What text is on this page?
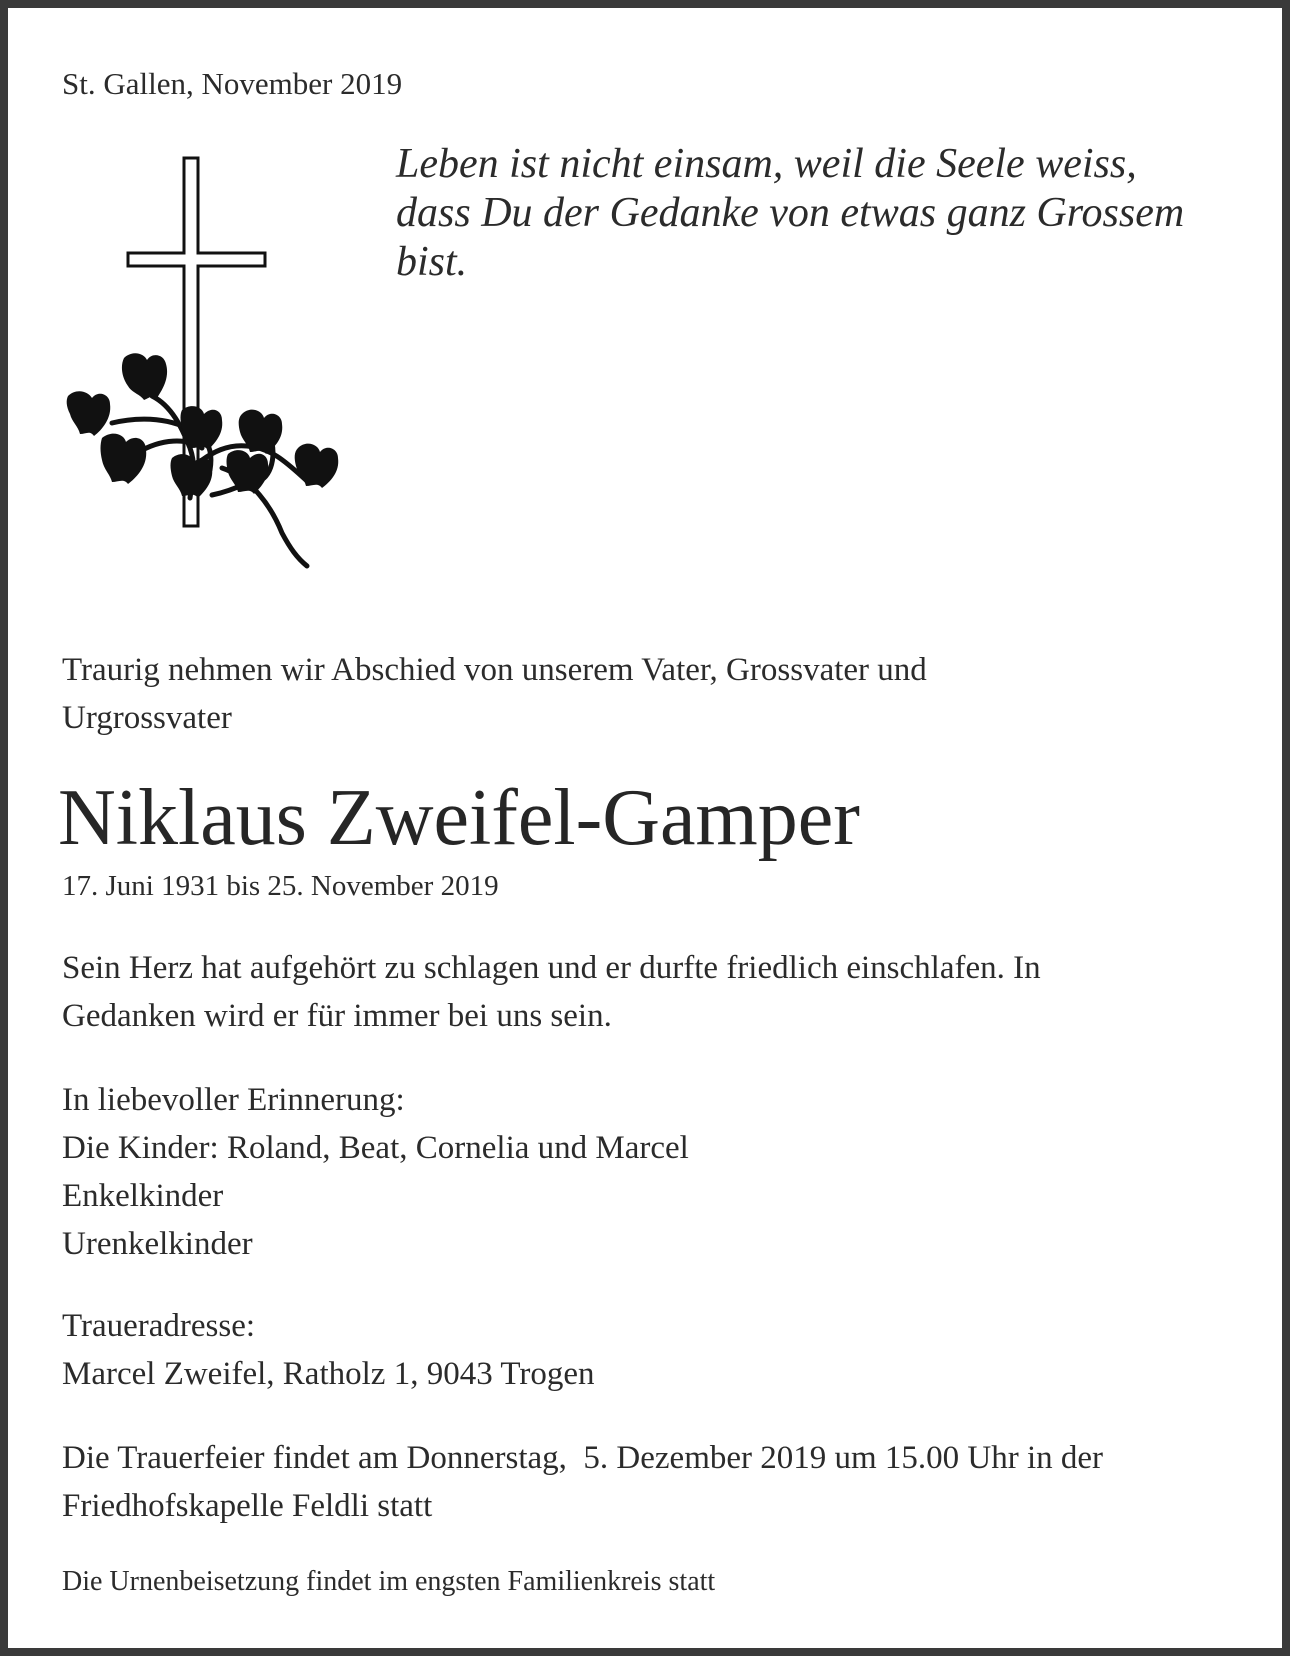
St. Gallen, November 2019
Leben ist nicht einsam, weil die Seele weiss,
dass Du der Gedanke von etwas ganz Grossem
bist.
Traurig nehmen wir Abschied von unserem Vater, Grossvater und
Urgrossvater
Niklaus Zweifel-Gamper
17. Juni 1931 bis 25. November 2019
Sein Herz hat aufgehört zu schlagen und er durfte friedlich einschlafen. In
Gedanken wird er für immer bei uns sein.
In liebevoller Erinnerung:
Die Kinder: Roland, Beat, Cornelia und Marcel
Enkelkinder
Urenkelkinder
Traueradresse:
Marcel Zweifel, Ratholz 1, 9043 Trogen
Die Trauerfeier findet am Donnerstag,  5. Dezember 2019 um 15.00 Uhr in der
Friedhofskapelle Feldli statt
Die Urnenbeisetzung findet im engsten Familienkreis statt
